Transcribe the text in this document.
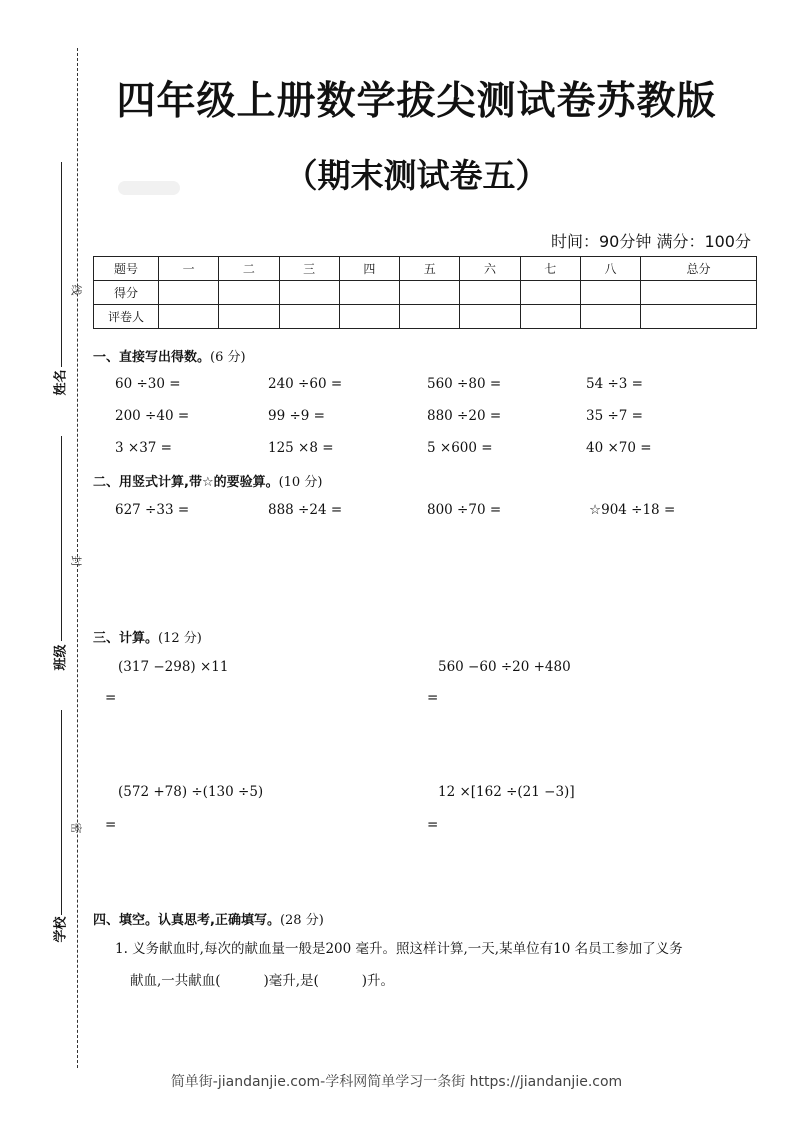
线
封
密
姓名
班级
学校
四年级上册数学拔尖测试卷苏教版
（期末测试卷五）
时间：90分钟 满分：100分
题号	一	二	三	四	五	六	七	八	总分
得分									
评卷人									
一、直接写出得数。(6 分)
60 ÷30 =	240 ÷60 =	560 ÷80 =	54 ÷3 =
200 ÷40 =	99 ÷9 =	880 ÷20 =	35 ÷7 =
3 ×37 =	125 ×8 =	5 ×600 =	40 ×70 =
二、用竖式计算,带☆的要验算。(10 分)
627 ÷33 =	888 ÷24 =	800 ÷70 =	☆904 ÷18 =
三、计算。(12 分)
(317 −298) ×11	560 −60 ÷20 +480
=	=
(572 +78) ÷(130 ÷5)	12 ×[162 ÷(21 −3)]
=	=
四、填空。认真思考,正确填写。(28 分)
1. 义务献血时,每次的献血量一般是200 毫升。照这样计算,一天,某单位有10 名员工参加了义务
献血,一共献血(          )毫升,是(          )升。
简单街-jiandanjie.com-学科网简单学习一条街 https://jiandanjie.com
